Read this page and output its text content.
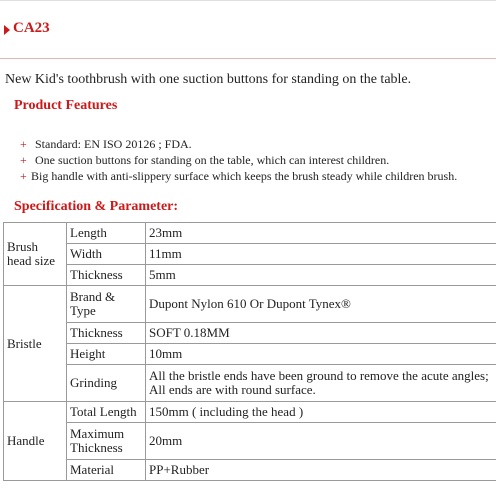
CA23
New Kid's toothbrush with one suction buttons for standing on the table.
Product Features
+ Standard: EN ISO 20126 ; FDA.
+ One suction buttons for standing on the table, which can interest children.
+ Big handle with anti-slippery surface which keeps the brush steady while children brush.
Specification & Parameter:
Brush head size	Length	23mm
	Width	11mm
	Thickness	5mm
Bristle	Brand & Type	Dupont Nylon 610 Or Dupont Tynex®
	Thickness	SOFT 0.18MM
	Height	10mm
	Grinding	All the bristle ends have been ground to remove the acute angles; All ends are with round surface.
Handle	Total Length	150mm ( including the head )
	Maximum Thickness	20mm
	Material	PP+Rubber
